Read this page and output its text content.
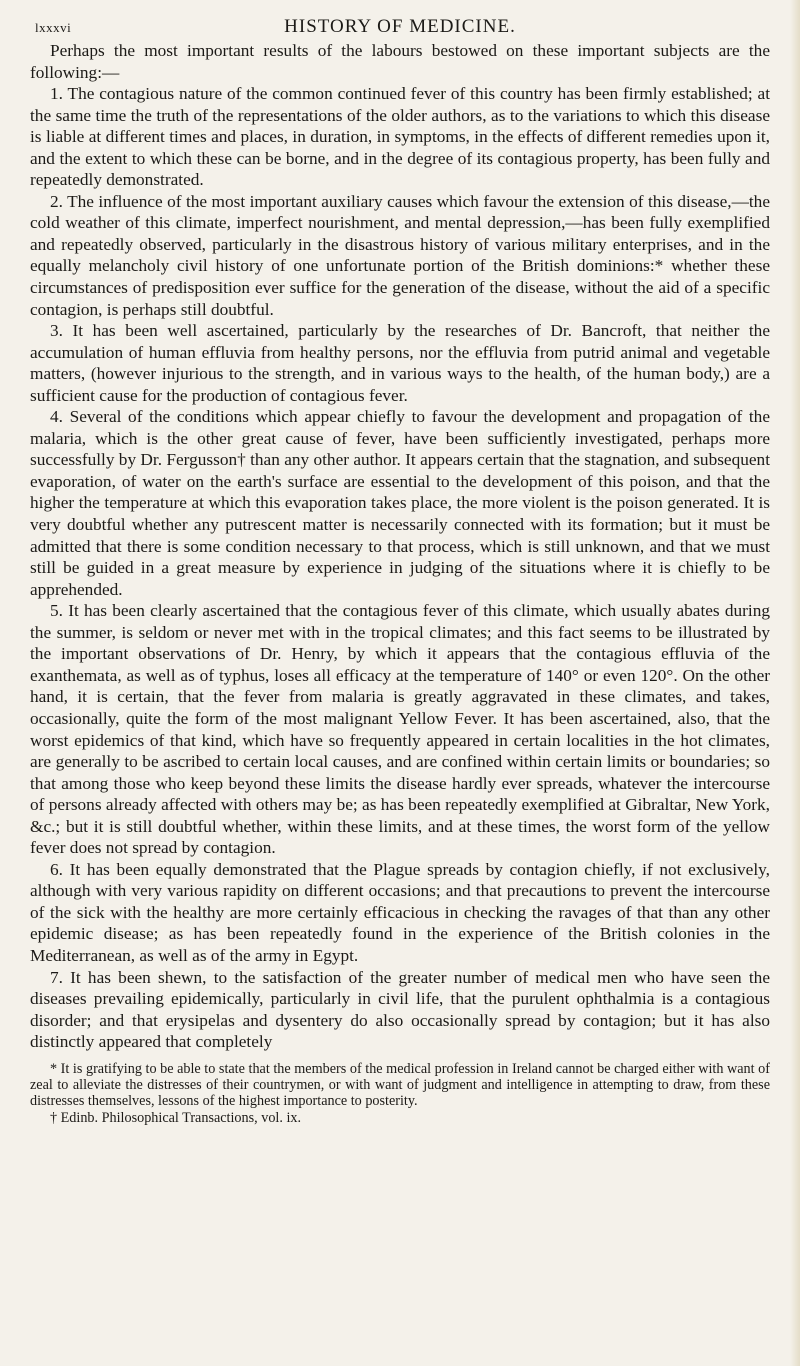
lxxxvi	HISTORY OF MEDICINE.

Perhaps the most important results of the labours bestowed on these important subjects are the following:—

1. The contagious nature of the common continued fever of this country has been firmly established; at the same time the truth of the representations of the older authors, as to the variations to which this disease is liable at different times and places, in duration, in symptoms, in the effects of different remedies upon it, and the extent to which these can be borne, and in the degree of its contagious property, has been fully and repeatedly demonstrated.

2. The influence of the most important auxiliary causes which favour the extension of this disease,—the cold weather of this climate, imperfect nourishment, and mental depression,—has been fully exemplified and repeatedly observed, particularly in the disastrous history of various military enterprises, and in the equally melancholy civil history of one unfortunate portion of the British dominions:* whether these circumstances of predisposition ever suffice for the generation of the disease, without the aid of a specific contagion, is perhaps still doubtful.

3. It has been well ascertained, particularly by the researches of Dr. Bancroft, that neither the accumulation of human effluvia from healthy persons, nor the effluvia from putrid animal and vegetable matters, (however injurious to the strength, and in various ways to the health, of the human body,) are a sufficient cause for the production of contagious fever.

4. Several of the conditions which appear chiefly to favour the development and propagation of the malaria, which is the other great cause of fever, have been sufficiently investigated, perhaps more successfully by Dr. Fergusson† than any other author. It appears certain that the stagnation, and subsequent evaporation, of water on the earth's surface are essential to the development of this poison, and that the higher the temperature at which this evaporation takes place, the more violent is the poison generated. It is very doubtful whether any putrescent matter is necessarily connected with its formation; but it must be admitted that there is some condition necessary to that process, which is still unknown, and that we must still be guided in a great measure by experience in judging of the situations where it is chiefly to be apprehended.

5. It has been clearly ascertained that the contagious fever of this climate, which usually abates during the summer, is seldom or never met with in the tropical climates; and this fact seems to be illustrated by the important observations of Dr. Henry, by which it appears that the contagious effluvia of the exanthemata, as well as of typhus, loses all efficacy at the temperature of 140° or even 120°. On the other hand, it is certain, that the fever from malaria is greatly aggravated in these climates, and takes, occasionally, quite the form of the most malignant Yellow Fever. It has been ascertained, also, that the worst epidemics of that kind, which have so frequently appeared in certain localities in the hot climates, are generally to be ascribed to certain local causes, and are confined within certain limits or boundaries; so that among those who keep beyond these limits the disease hardly ever spreads, whatever the intercourse of persons already affected with others may be; as has been repeatedly exemplified at Gibraltar, New York, &c.; but it is still doubtful whether, within these limits, and at these times, the worst form of the yellow fever does not spread by contagion.

6. It has been equally demonstrated that the Plague spreads by contagion chiefly, if not exclusively, although with very various rapidity on different occasions; and that precautions to prevent the intercourse of the sick with the healthy are more certainly efficacious in checking the ravages of that than any other epidemic disease; as has been repeatedly found in the experience of the British colonies in the Mediterranean, as well as of the army in Egypt.

7. It has been shewn, to the satisfaction of the greater number of medical men who have seen the diseases prevailing epidemically, particularly in civil life, that the purulent ophthalmia is a contagious disorder; and that erysipelas and dysentery do also occasionally spread by contagion; but it has also distinctly appeared that completely

* It is gratifying to be able to state that the members of the medical profession in Ireland cannot be charged either with want of zeal to alleviate the distresses of their countrymen, or with want of judgment and intelligence in attempting to draw, from these distresses themselves, lessons of the highest importance to posterity.

† Edinb. Philosophical Transactions, vol. ix.
